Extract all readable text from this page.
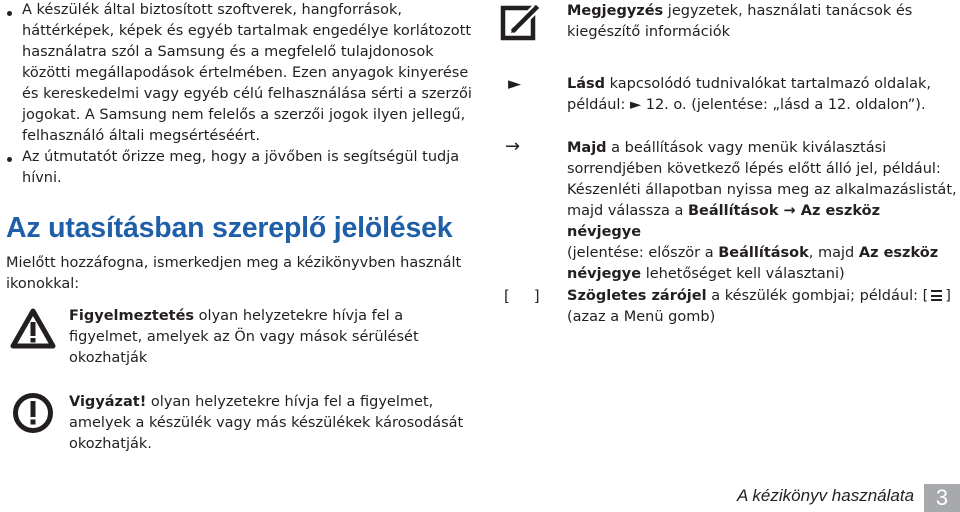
A készülék által biztosított szoftverek, hangforrások,
háttérképek, képek és egyéb tartalmak engedélye korlátozott
használatra szól a Samsung és a megfelelő tulajdonosok
közötti megállapodások értelmében. Ezen anyagok kinyerése
és kereskedelmi vagy egyéb célú felhasználása sérti a szerzői
jogokat. A Samsung nem felelős a szerzői jogok ilyen jellegű,
felhasználó általi megsértéséért.

Az útmutatót őrizze meg, hogy a jövőben is segítségül tudja
hívni.

Az utasításban szereplő jelölések

Mielőtt hozzáfogna, ismerkedjen meg a kézikönyvben használt
ikonokkal:

Figyelmeztetés olyan helyzetekre hívja fel a
figyelmet, amelyek az Ön vagy mások sérülését
okozhatják

Vigyázat! olyan helyzetekre hívja fel a figyelmet,
amelyek a készülék vagy más készülékek károsodását
okozhatják.

Megjegyzés jegyzetek, használati tanácsok és
kiegészítő információk

►	Lásd kapcsolódó tudnivalókat tartalmazó oldalak,
például: ► 12. o. (jelentése: „lásd a 12. oldalon”).

→	Majd a beállítások vagy menük kiválasztási
sorrendjében következő lépés előtt álló jel, például:
Készenléti állapotban nyissa meg az alkalmazáslistát,
majd válassza a Beállítások → Az eszköz névjegye
(jelentése: először a Beállítások, majd Az eszköz
névjegye lehetőséget kell választani)

[     ] Szögletes zárójel a készülék gombjai; például: [ ]
(azaz a Menü gomb)

A kézikönyv használata 3
